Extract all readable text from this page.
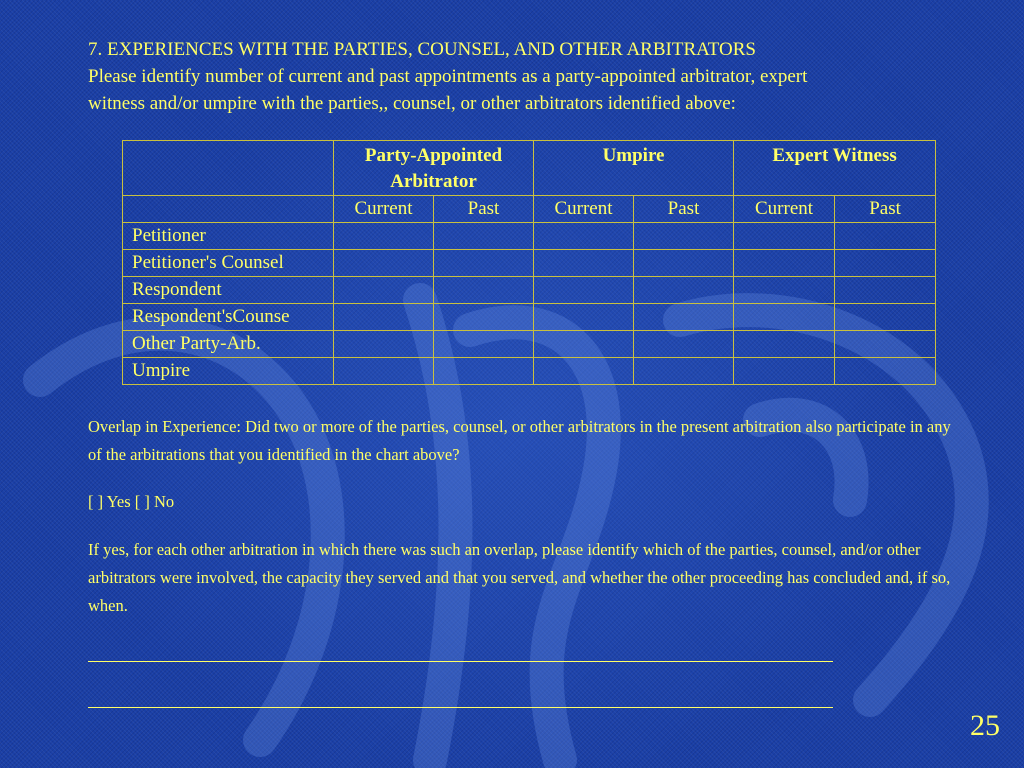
7. EXPERIENCES WITH THE PARTIES, COUNSEL, AND OTHER ARBITRATORS
Please identify number of current and past appointments as a party-appointed arbitrator, expert
witness and/or umpire with the parties,, counsel, or other arbitrators identified above:
	Party-Appointed Arbitrator		Umpire		Expert Witness	
	Current	Past	Current	Past	Current	Past
Petitioner						
Petitioner's Counsel						
Respondent						
Respondent'sCounse						
Other Party-Arb.						
Umpire						
Overlap in Experience: Did two or more of the parties, counsel, or other arbitrators in the present arbitration also participate in any of the arbitrations that you identified in the chart above?
[ ] Yes [ ] No
If yes, for each other arbitration in which there was such an overlap, please identify which of the parties, counsel, and/or other arbitrators were involved, the capacity they served and that you served, and whether the other proceeding has concluded and, if so, when.
25
